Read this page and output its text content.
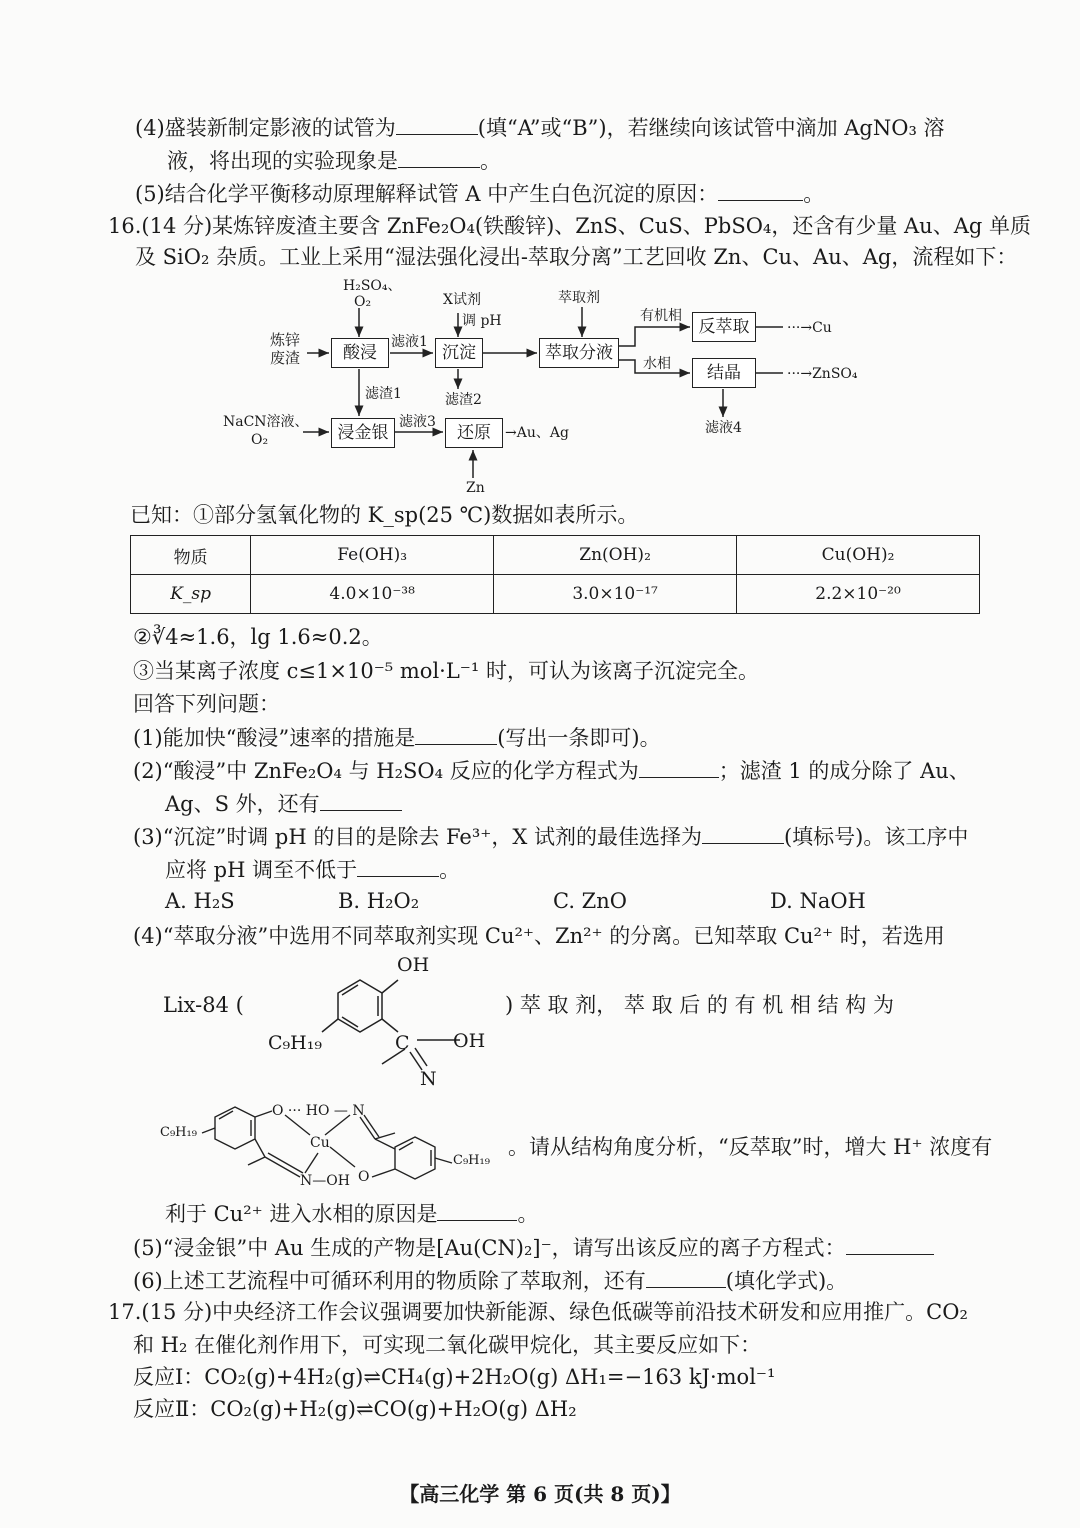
(4)盛装新制定影液的试管为	(填“A”或“B”)，若继续向该试管中滴加 AgNO₃ 溶
液，将出现的实验现象是	。
(5)结合化学平衡移动原理解释试管 A 中产生白色沉淀的原因：	。
16.(14 分)某炼锌废渣主要含 ZnFe₂O₄(铁酸锌)、ZnS、CuS、PbSO₄，还含有少量 Au、Ag 单质
及 SiO₂ 杂质。工业上采用“湿法强化浸出-萃取分离”工艺回收 Zn、Cu、Au、Ag，流程如下：
H₂SO₄、
O₂
炼锌
废渣	酸浸
滤液1
X试剂
调 pH
沉淀
萃取剂
萃取分液
有机相
反萃取	···→Cu
水相	结晶	···→ZnSO₄
滤液4
滤渣1	滤渣2
NaCN溶液、
O₂	浸金银
滤液3
还原	→Au、Ag
Zn
已知：①部分氢氧化物的 K_sp(25 ℃)数据如表所示。
物质	Fe(OH)₃	Zn(OH)₂	Cu(OH)₂
K_sp	4.0×10⁻³⁸	3.0×10⁻¹⁷	2.2×10⁻²⁰
②∛4≈1.6，lg 1.6≈0.2。
③当某离子浓度 c≤1×10⁻⁵ mol·L⁻¹ 时，可认为该离子沉淀完全。
回答下列问题：
(1)能加快“酸浸”速率的措施是	(写出一条即可)。
(2)“酸浸”中 ZnFe₂O₄ 与 H₂SO₄ 反应的化学方程式为	；滤渣 1 的成分除了 Au、
Ag、S 外，还有
(3)“沉淀”时调 pH 的目的是除去 Fe³⁺，X 试剂的最佳选择为	(填标号)。该工序中
应将 pH 调至不低于	。
A. H₂S	B. H₂O₂	C. ZnO	D. NaOH
(4)“萃取分液”中选用不同萃取剂实现 Cu²⁺、Zn²⁺ 的分离。已知萃取 Cu²⁺ 时，若选用
Lix-84 (	) 萃 取 剂， 萃 取 后 的 有 机 相 结 构 为
OH
C₉H₁₉	C OH
N
C₉H₁₉
O ··· HO — N
Cu
N—OH O
C₉H₁₉
。请从结构角度分析，“反萃取”时，增大 H⁺ 浓度有
利于 Cu²⁺ 进入水相的原因是	。
(5)“浸金银”中 Au 生成的产物是[Au(CN)₂]⁻，请写出该反应的离子方程式：
(6)上述工艺流程中可循环利用的物质除了萃取剂，还有	(填化学式)。
17.(15 分)中央经济工作会议强调要加快新能源、绿色低碳等前沿技术研发和应用推广。CO₂
和 H₂ 在催化剂作用下，可实现二氧化碳甲烷化，其主要反应如下：
反应Ⅰ：CO₂(g)+4H₂(g)⇌CH₄(g)+2H₂O(g) ΔH₁=−163 kJ·mol⁻¹
反应Ⅱ：CO₂(g)+H₂(g)⇌CO(g)+H₂O(g) ΔH₂
【高三化学 第 6 页(共 8 页)】
